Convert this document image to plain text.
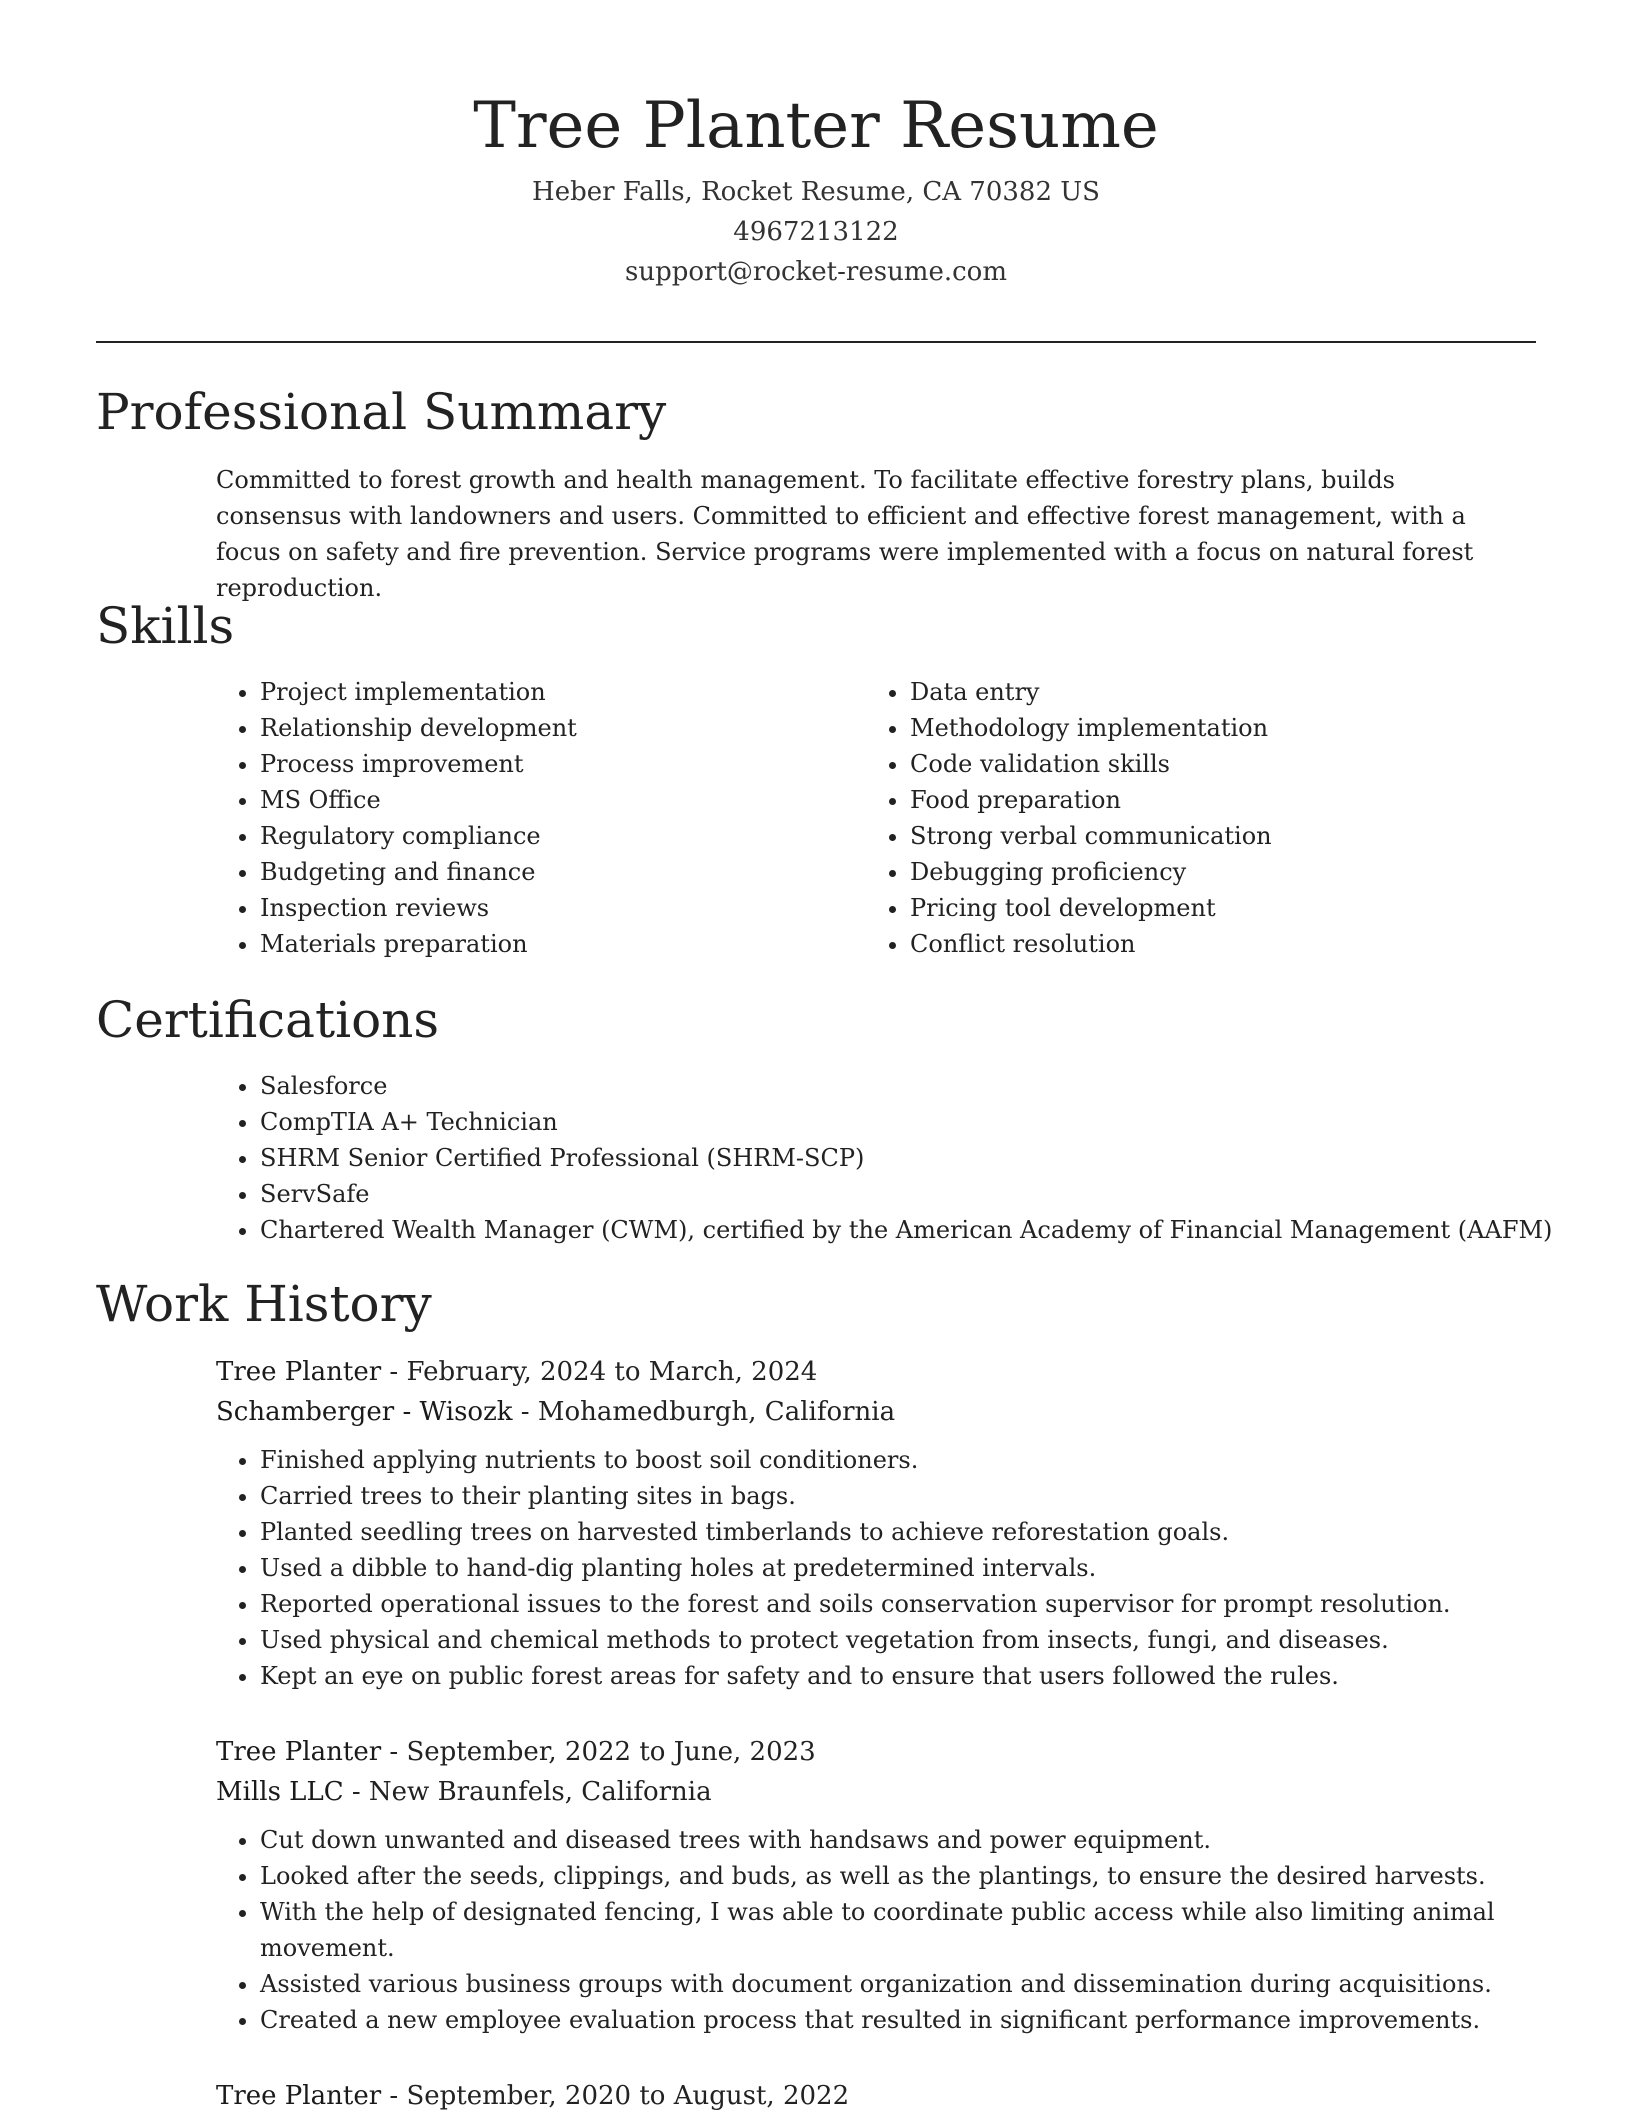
Tree Planter Resume
Heber Falls, Rocket Resume, CA 70382 US
4967213122
support@rocket-resume.com
Professional Summary

Committed to forest growth and health management. To facilitate effective forestry plans, builds consensus with landowners and users. Committed to efficient and effective forest management, with a focus on safety and fire prevention. Service programs were implemented with a focus on natural forest reproduction.

Skills
• Project implementation
• Relationship development
• Process improvement
• MS Office
• Regulatory compliance
• Budgeting and finance
• Inspection reviews
• Materials preparation
• Data entry
• Methodology implementation
• Code validation skills
• Food preparation
• Strong verbal communication
• Debugging proficiency
• Pricing tool development
• Conflict resolution
Certifications
• Salesforce
• CompTIA A+ Technician
• SHRM Senior Certified Professional (SHRM-SCP)
• ServSafe
• Chartered Wealth Manager (CWM), certified by the American Academy of Financial Management (AAFM)
Work History
Tree Planter - February, 2024 to March, 2024
Schamberger - Wisozk - Mohamedburgh, California
• Finished applying nutrients to boost soil conditioners.
• Carried trees to their planting sites in bags.
• Planted seedling trees on harvested timberlands to achieve reforestation goals.
• Used a dibble to hand-dig planting holes at predetermined intervals.
• Reported operational issues to the forest and soils conservation supervisor for prompt resolution.
• Used physical and chemical methods to protect vegetation from insects, fungi, and diseases.
• Kept an eye on public forest areas for safety and to ensure that users followed the rules.
Tree Planter - September, 2022 to June, 2023
Mills LLC - New Braunfels, California
• Cut down unwanted and diseased trees with handsaws and power equipment.
• Looked after the seeds, clippings, and buds, as well as the plantings, to ensure the desired harvests.
• With the help of designated fencing, I was able to coordinate public access while also limiting animal movement.
• Assisted various business groups with document organization and dissemination during acquisitions.
• Created a new employee evaluation process that resulted in significant performance improvements.
Tree Planter - September, 2020 to August, 2022
